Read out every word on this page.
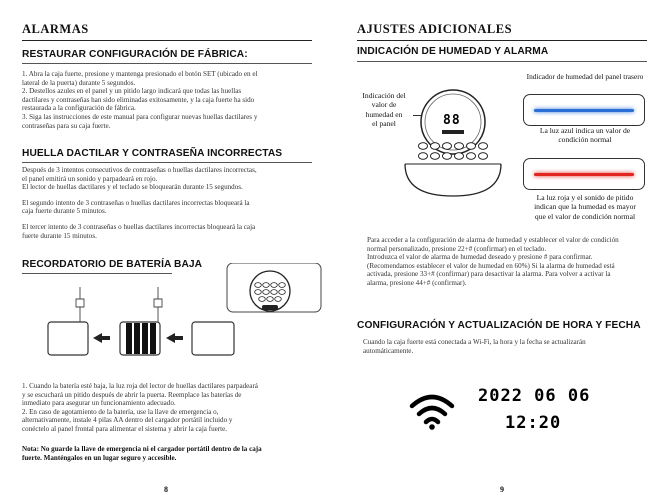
ALARMAS
RESTAURAR CONFIGURACIÓN DE FÁBRICA:
1. Abra la caja fuerte, presione y mantenga presionado el botón SET (ubicado en el
lateral de la puerta) durante 5 segundos.
2. Destellos azules en el panel y un pitido largo indicará que todas las huellas
dactilares y contraseñas han sido eliminadas exitosamente, y la caja fuerte ha sido
restaurada a la configuración de fábrica.
3. Siga las instrucciones de este manual para configurar nuevas huellas dactilares y
contraseñas para su caja fuerte.
HUELLA DACTILAR Y CONTRASEÑA INCORRECTAS
Después de 3 intentos consecutivos de contraseñas o huellas dactilares incorrectas,
el panel emitirá un sonido y parpadeará en rojo.
El lector de huellas dactilares y el teclado se bloquearán durante 15 segundos.
El segundo intento de 3 contraseñas o huellas dactilares incorrectas bloqueará la
caja fuerte durante 5 minutos.
El tercer intento de 3 contraseñas o huellas dactilares incorrectas bloqueará la caja
fuerte durante 15 minutos.
RECORDATORIO DE BATERÍA BAJA
1. Cuando la batería esté baja, la luz roja del lector de huellas dactilares parpadeará
y se escuchará un pitido después de abrir la puerta. Reemplace las baterías de
inmediato para asegurar un funcionamiento adecuado.
2. En caso de agotamiento de la batería, use la llave de emergencia o,
alternativamente, instale 4 pilas AA dentro del cargador portátil incluido y
conéctelo al panel frontal para alimentar el sistema y abrir la caja fuerte.
Nota: No guarde la llave de emergencia ni el cargador portátil dentro de la caja
fuerte. Manténgalos en un lugar seguro y accesible.
8
AJUSTES ADICIONALES
INDICACIÓN DE HUMEDAD Y ALARMA
Indicación del
valor de
humedad en
el panel	88
Indicador de humedad del panel trasero
La luz azul indica un valor de
condición normal
La luz roja y el sonido de pitido
indican que la humedad es mayor
que el valor de condición normal
Para acceder a la configuración de alarma de humedad y establecer el valor de condición
normal personalizado, presione 22+# (confirmar) en el teclado.
Introduzca el valor de alarma de humedad deseado y presione # para confirmar.
(Recomendamos establecer el valor de humedad en 60%) Si la alarma de humedad está
activada, presione 33+# (confirmar) para desactivar la alarma. Para volver a activar la
alarma, presione 44+# (confirmar).
CONFIGURACIÓN Y ACTUALIZACIÓN DE HORA Y FECHA
Cuando la caja fuerte está conectada a Wi-Fi, la hora y la fecha se actualizarán
automáticamente.
2022 06 06
12:20
9
